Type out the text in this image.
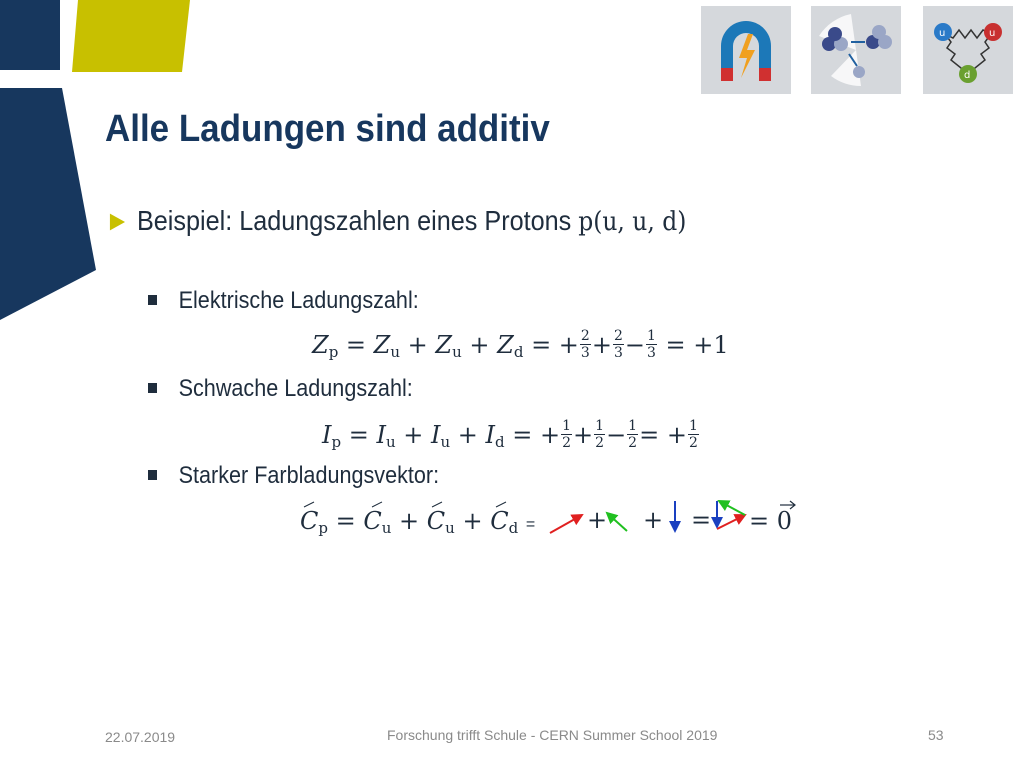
u	u
d
Alle Ladungen sind additiv
► Beispiel: Ladungszahlen eines Protons p(u, u, d)
Elektrische Ladungszahl:
$Z_p = Z_u + Z_u + Z_d$ = + $\frac{2}{3} + \frac{2}{3} - \frac{1}{3} = +1$
Schwache Ladungszahl:
$I_p = I_u + I_u + I_d$ = + $\frac{1}{2} + \frac{1}{2} - \frac{1}{2}$ = + $\frac{1}{2}$
Starker Farbladungsvektor:
$C_p = C_u + C_u + C_d$ = + + = = 0
22.07.2019	Forschung trifft Schule - CERN Summer School 2019	53
